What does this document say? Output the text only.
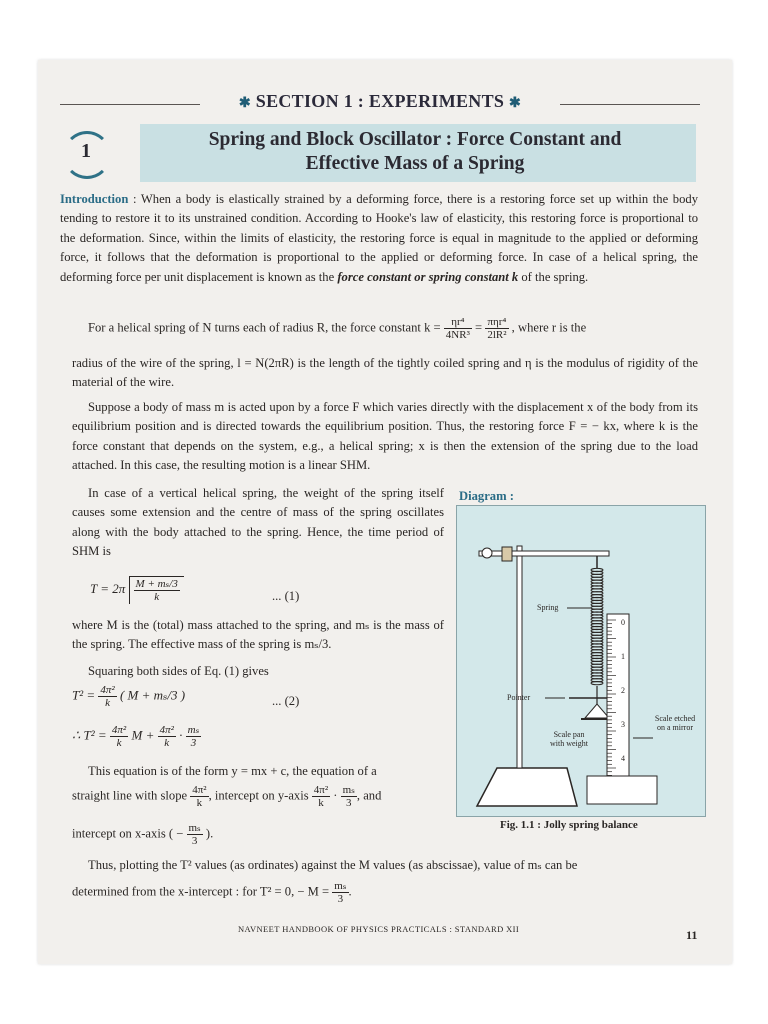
✱ SECTION 1 : EXPERIMENTS ✱
1
Spring and Block Oscillator : Force Constant and
Effective Mass of a Spring

Introduction : When a body is elastically strained by a deforming force, there is a restoring force set up within the body tending to restore it to its unstrained condition. According to Hooke's law of elasticity, this restoring force is proportional to the deformation. Since, within the limits of elasticity, the restoring force is equal in magnitude to the applied or deforming force, it follows that the deformation is proportional to the applied or deforming force. In case of a helical spring, the deforming force per unit displacement is known as the force constant or spring constant k of the spring.

For a helical spring of N turns each of radius R, the force constant $k = \frac{\text{ηr⁴}}{\text{4NR³}} = \frac{\text{πηr⁴}}{\text{2lR²}}$ , where r is the

radius of the wire of the spring, l = N(2πR) is the length of the tightly coiled spring and η is the modulus of rigidity of the material of the wire.

Suppose a body of mass m is acted upon by a force F which varies directly with the displacement x of the body from its equilibrium position and is directed towards the equilibrium position. Thus, the restoring force F = − kx, where k is the force constant that depends on the system, e.g., a helical spring; x is then the extension of the spring due to the load attached. In this case, the resulting motion is a linear SHM.

In case of a vertical helical spring, the weight of the spring itself causes some extension and the centre of mass of the spring oscillates along with the body attached to the spring. Hence, the time period of SHM is

$T = 2\pi \frac{\text{M + mₛ/3}}{k}$	... (1)

where M is the (total) mass attached to the spring, and mₛ is the mass of the spring. The effective mass of the spring is mₛ/3.

Squaring both sides of Eq. (1) gives

$T^2 = \frac{\text{4π²}}{k}$ ( M + mₛ/3 )	... (2)
∴ $T^2 = \frac{\text{4π²}}{k}$ $M + \frac{\text{4π²}}{k} \cdot \frac{\text{mₛ}}{3}$

This equation is of the form y = mx + c, the equation of a

straight line with slope $\frac{\text{4π²}}{k}$ , intercept on y-axis $\frac{\text{4π²}}{k} \cdot \frac{\text{mₛ}}{3}$ , and
intercept on x-axis ( − $\frac{\text{mₛ}}{3}$ ).

Thus, plotting the T² values (as ordinates) against the M values (as abscissae), value of mₛ can be

determined from the x-intercept : for T² = 0, − $M = \frac{\text{mₛ}}{3}$ .
Diagram :
Spring
Pointer
Scale pan with weight
Scale etched on a mirror
0
1
2
3
4
Fig. 1.1 : Jolly spring balance
NAVNEET HANDBOOK OF PHYSICS PRACTICALS : STANDARD XII	11
